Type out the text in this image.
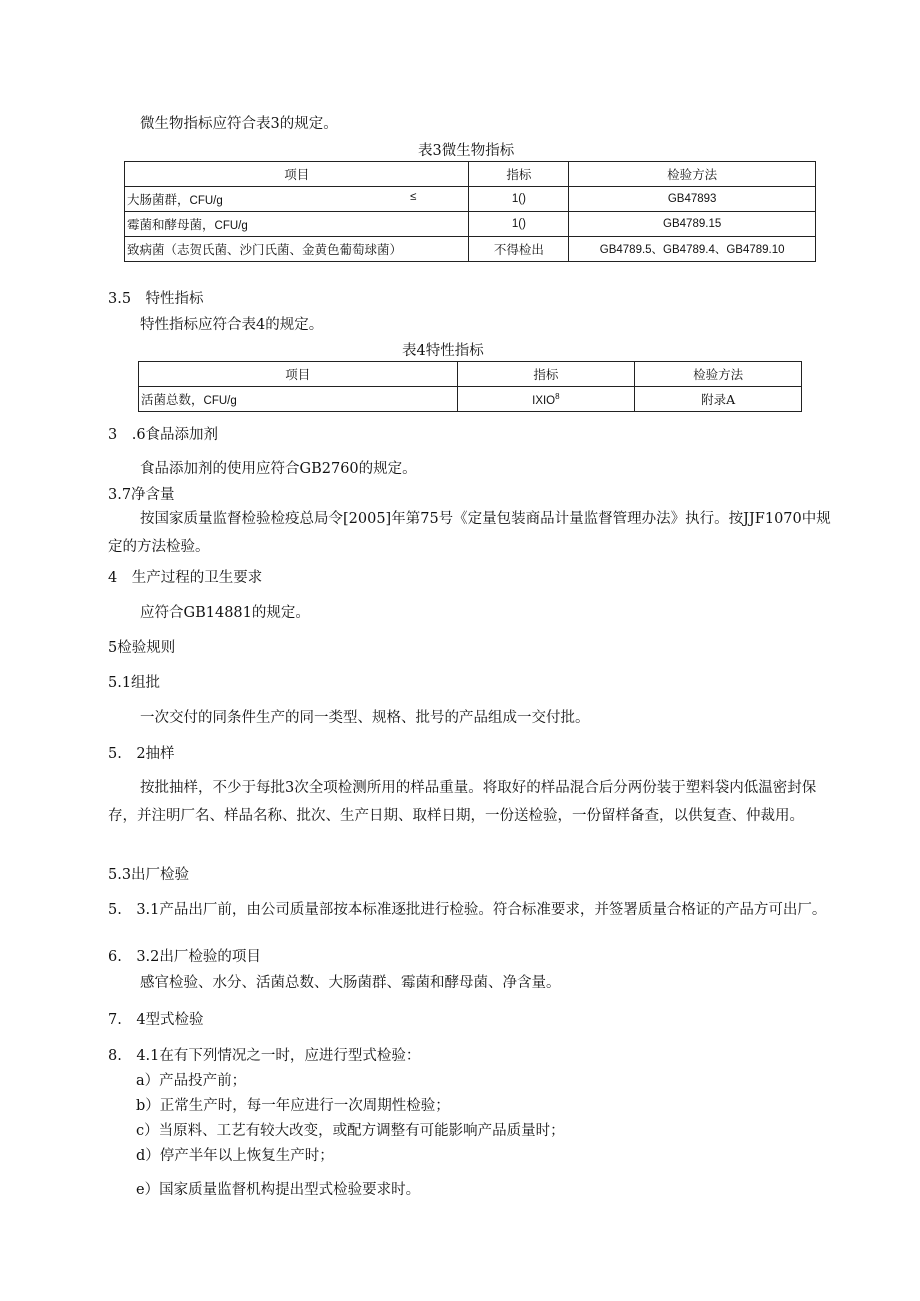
微生物指标应符合表3的规定。
表3微生物指标
项目	指标	检验方法
大肠菌群，CFU/g ≤	1()	GB47893
霉菌和酵母菌，CFU/g	1()	GB4789.15
致病菌（志贺氏菌、沙门氏菌、金黄色葡萄球菌）	不得检出	GB4789.5、GB4789.4、GB4789.10
3.5　特性指标
特性指标应符合表4的规定。
表4特性指标
项目	指标	检验方法
活菌总数，CFU/g	IXIO$^8$	附录A
3　.6食品添加剂
食品添加剂的使用应符合GB2760的规定。
3.7净含量
按国家质量监督检验检疫总局令[2005]年第75号《定量包装商品计量监督管理办法》执行。按JJF1070中规定的方法检验。
4　生产过程的卫生要求
应符合GB14881的规定。
5检验规则
5.1组批
一次交付的同条件生产的同一类型、规格、批号的产品组成一交付批。
5.　2抽样
按批抽样，不少于每批3次全项检测所用的样品重量。将取好的样品混合后分两份装于塑料袋内低温密封保存，并注明厂名、样品名称、批次、生产日期、取样日期，一份送检验，一份留样备查，以供复查、仲裁用。
5.3出厂检验
5.　3.1产品出厂前，由公司质量部按本标准逐批进行检验。符合标准要求，并签署质量合格证的产品方可出厂。
6.　3.2出厂检验的项目
感官检验、水分、活菌总数、大肠菌群、霉菌和酵母菌、净含量。
7.　4型式检验
8.　4.1在有下列情况之一时，应进行型式检验：
a）产品投产前；
b）正常生产时，每一年应进行一次周期性检验；
c）当原料、工艺有较大改变，或配方调整有可能影响产品质量时；
d）停产半年以上恢复生产时；
e）国家质量监督机构提出型式检验要求时。
